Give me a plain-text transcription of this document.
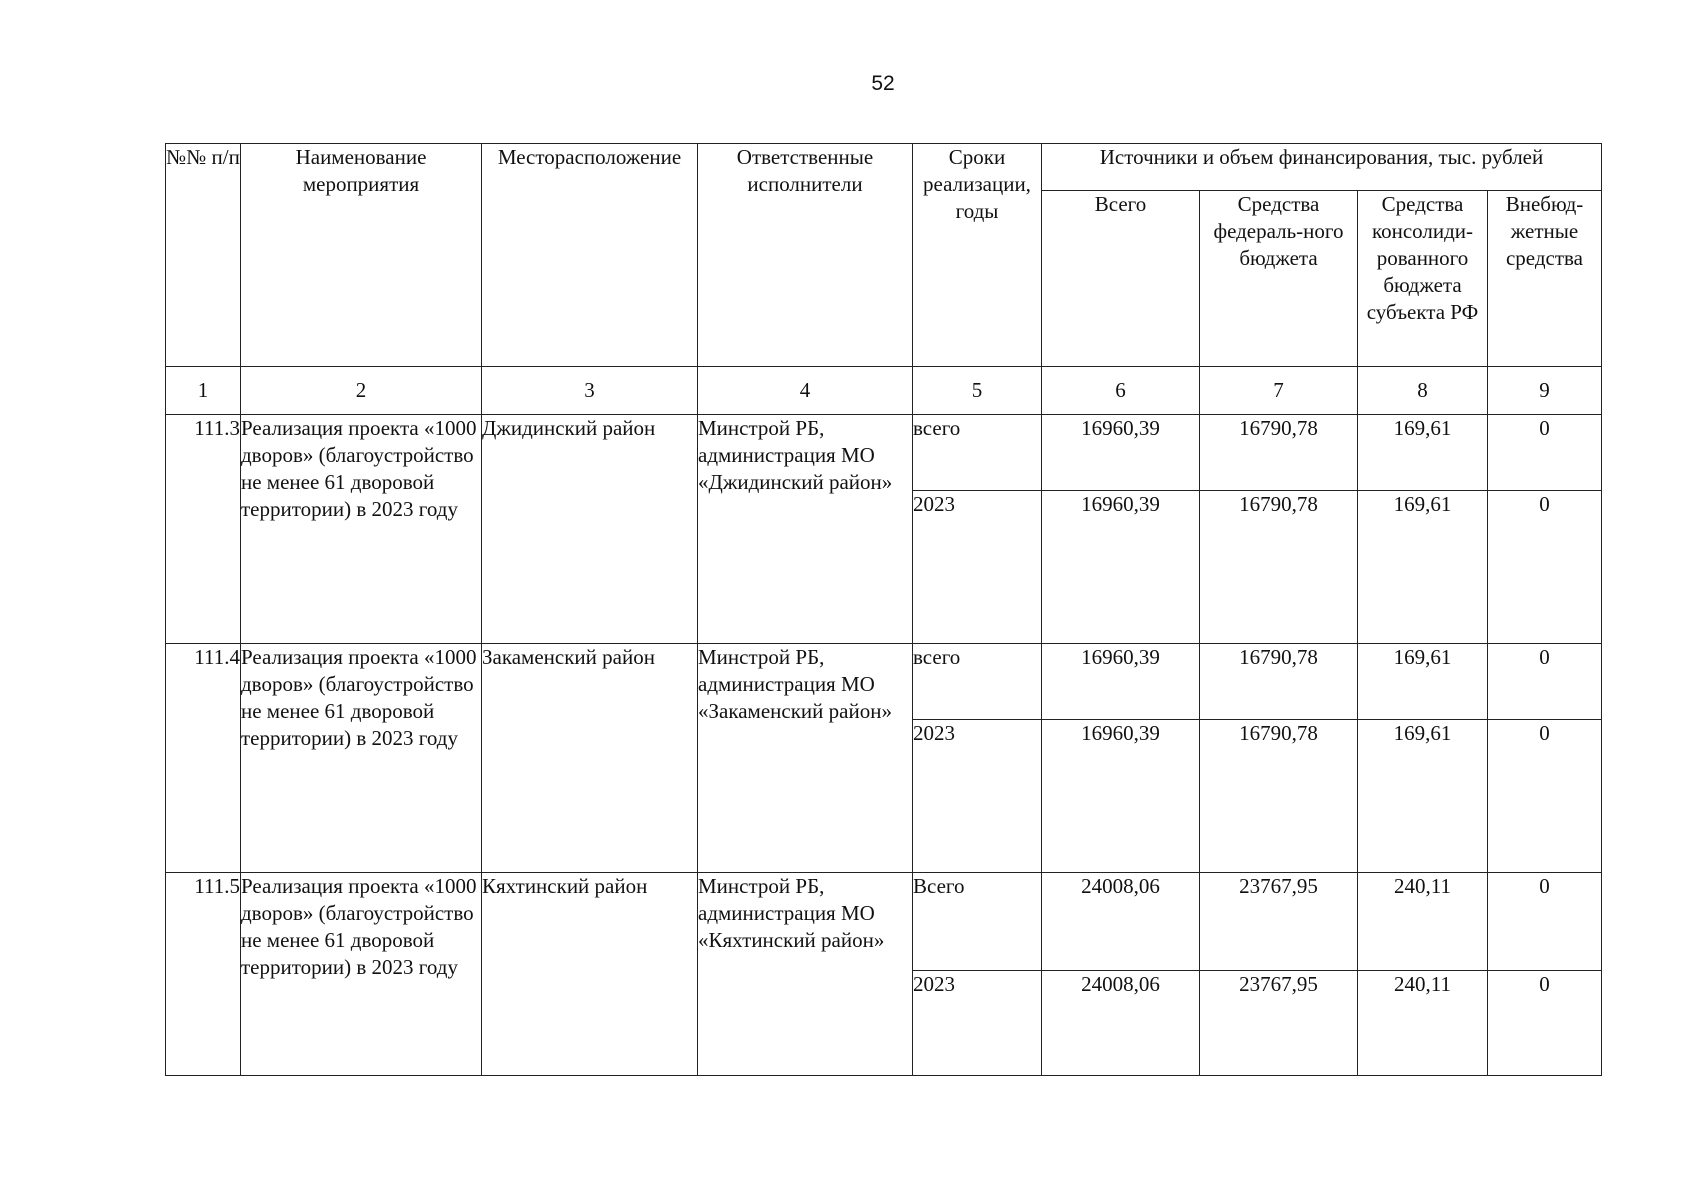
52
№№ п/п	Наименование мероприятия	Месторасположение	Ответственные исполнители	Сроки реализации, годы	Источники и объем финансирования, тыс. рублей			
					Всего	Средства федераль-ного бюджета	Средства консолиди-рованного бюджета субъекта РФ	Внебюд-жетные средства
1	2	3	4	5	6	7	8	9
111.3	Реализация проекта «1000 дворов» (благоустройство не менее 61 дворовой территории) в 2023 году	Джидинский район	Минстрой РБ, администрация МО «Джидинский район»	всего	16960,39	16790,78	169,61	0
				2023	16960,39	16790,78	169,61	0
111.4	Реализация проекта «1000 дворов» (благоустройство не менее 61 дворовой территории) в 2023 году	Закаменский район	Минстрой РБ, администрация МО «Закаменский район»	всего	16960,39	16790,78	169,61	0
				2023	16960,39	16790,78	169,61	0
111.5	Реализация проекта «1000 дворов» (благоустройство не менее 61 дворовой территории) в 2023 году	Кяхтинский район	Минстрой РБ, администрация МО «Кяхтинский район»	Всего	24008,06	23767,95	240,11	0
				2023	24008,06	23767,95	240,11	0
